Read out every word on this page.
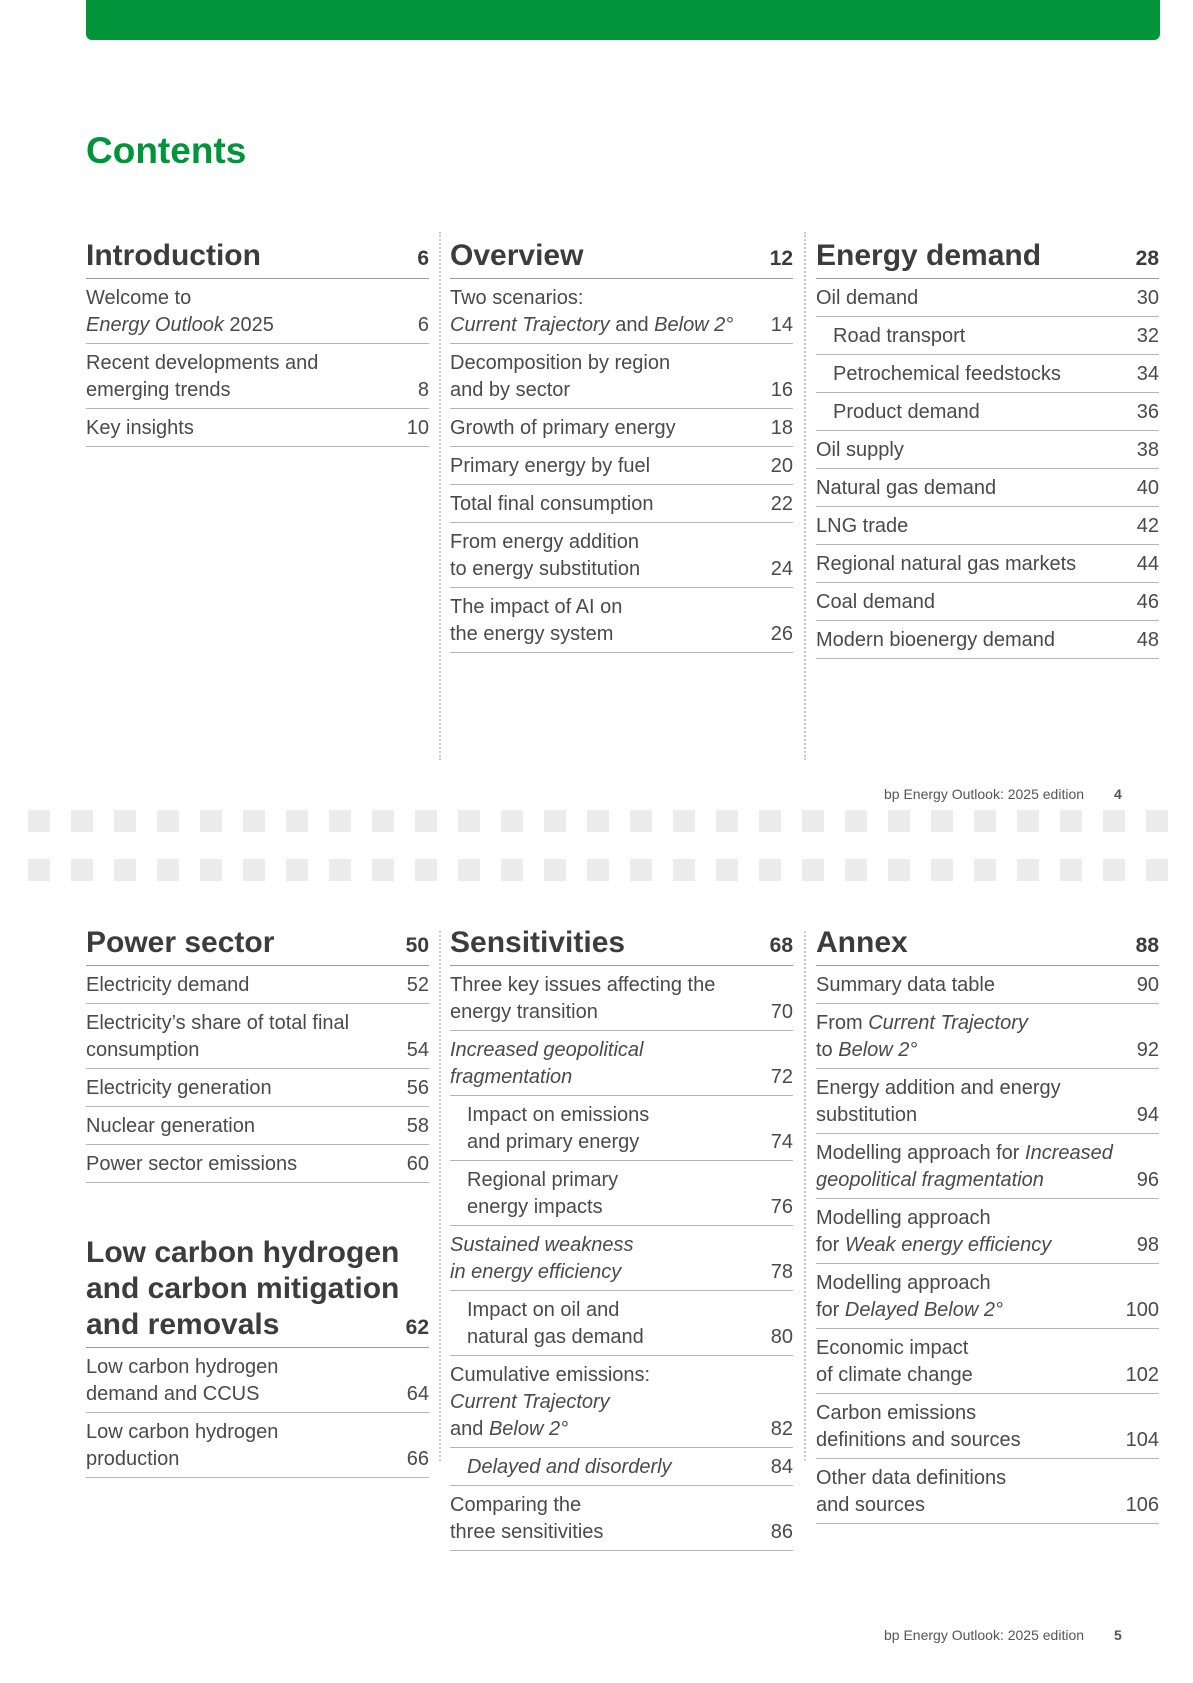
Contents
Introduction	6
Welcome to
Energy Outlook 2025	6
Recent developments and
emerging trends	8
Key insights	10
Overview	12
Two scenarios:
Current Trajectory and Below 2°	14
Decomposition by region
and by sector	16
Growth of primary energy	18
Primary energy by fuel	20
Total final consumption	22
From energy addition
to energy substitution	24
The impact of AI on
the energy system	26
Energy demand	28
Oil demand	30
Road transport	32
Petrochemical feedstocks	34
Product demand	36
Oil supply	38
Natural gas demand	40
LNG trade	42
Regional natural gas markets	44
Coal demand	46
Modern bioenergy demand	48
bp Energy Outlook: 2025 edition 4
Power sector	50
Electricity demand	52
Electricity’s share of total final
consumption	54
Electricity generation	56
Nuclear generation	58
Power sector emissions	60
Low carbon hydrogen
and carbon mitigation
and removals	62
Low carbon hydrogen
demand and CCUS	64
Low carbon hydrogen
production	66
Sensitivities	68
Three key issues affecting the
energy transition	70
Increased geopolitical
fragmentation	72
Impact on emissions
and primary energy	74
Regional primary
energy impacts	76
Sustained weakness
in energy efficiency	78
Impact on oil and
natural gas demand	80
Cumulative emissions:
Current Trajectory
and Below 2°	82
Delayed and disorderly	84
Comparing the
three sensitivities	86
Annex	88
Summary data table	90
From Current Trajectory
to Below 2°	92
Energy addition and energy
substitution	94
Modelling approach for Increased
geopolitical fragmentation	96
Modelling approach
for Weak energy efficiency	98
Modelling approach
for Delayed Below 2°	100
Economic impact
of climate change	102
Carbon emissions
definitions and sources	104
Other data definitions
and sources	106
bp Energy Outlook: 2025 edition 5
